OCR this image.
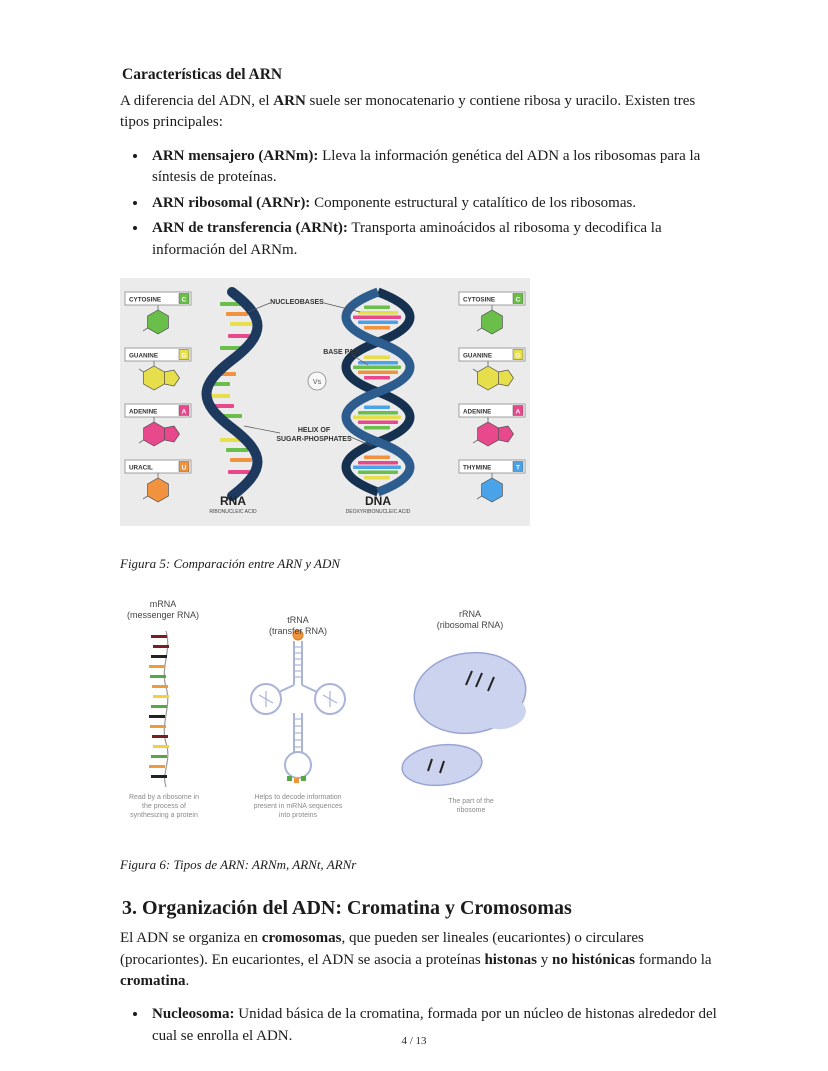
Características del ARN

A diferencia del ADN, el ARN suele ser monocatenario y contiene ribosa y uracilo. Existen tres tipos principales:

• ARN mensajero (ARNm): Lleva la información genética del ADN a los ribosomas para la síntesis de proteínas.
• ARN ribosomal (ARNr): Componente estructural y catalítico de los ribosomas.
• ARN de transferencia (ARNt): Transporta aminoácidos al ribosoma y decodifica la información del ARNm.
CYTOSINE	C
GUANINE	G
ADENINE	A
URACIL	U
CYTOSINE	C
GUANINE	G
ADENINE	A
THYMINE	T
NUCLEOBASES
BASE PAIR
Vs
HELIX OF
SUGAR-PHOSPHATES
RNA
RIBONUCLEIC ACID
DNA
DEOXYRIBONUCLEIC ACID

Figura 5: Comparación entre ARN y ADN

mRNA
(messenger RNA)	tRNA
(transfer RNA)
rRNA
(ribosomal RNA)
Read by a ribosome in the process of synthesizing a protein
Helps to decode information present in mRNA sequences into proteins
The part of the ribosome

Figura 6: Tipos de ARN: ARNm, ARNt, ARNr

3. Organización del ADN: Cromatina y Cromosomas

El ADN se organiza en cromosomas, que pueden ser lineales (eucariontes) o circulares (procariontes). En eucariontes, el ADN se asocia a proteínas histonas y no histónicas formando la cromatina.

• Nucleosoma: Unidad básica de la cromatina, formada por un núcleo de histonas alrededor del cual se enrolla el ADN.	4 / 13
